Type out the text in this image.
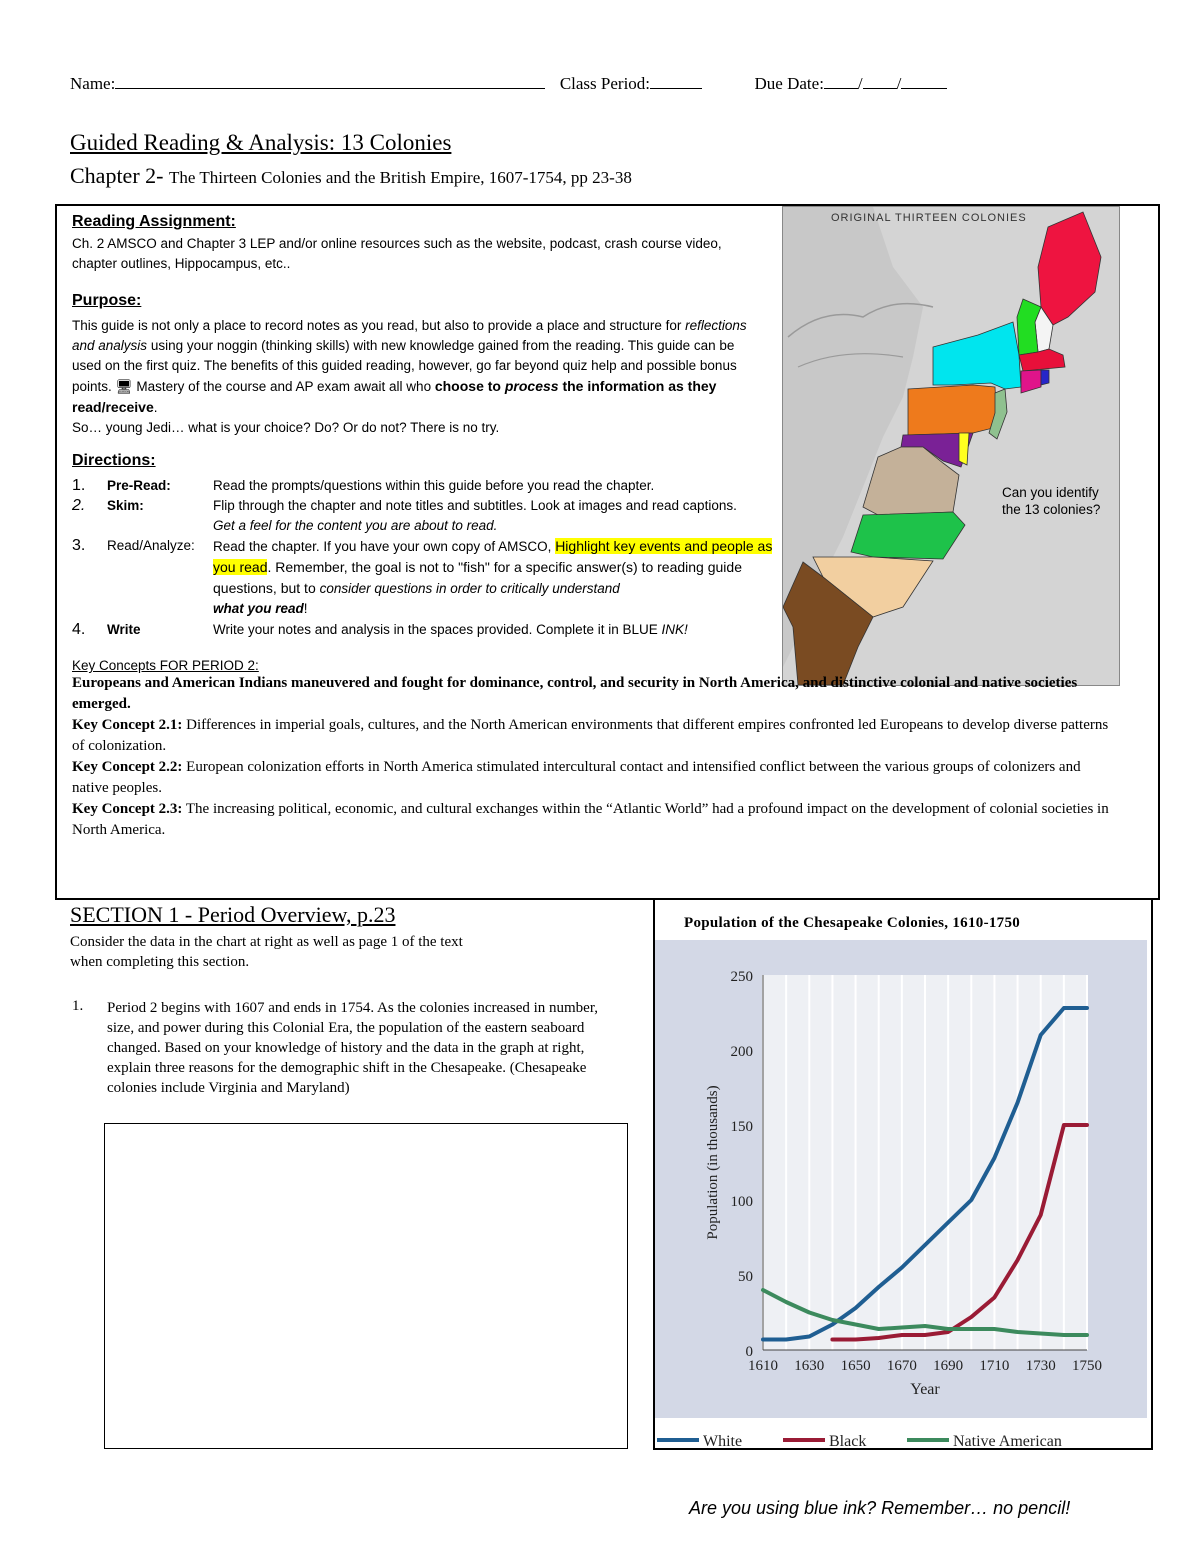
Name:	Class Period:	Due Date: / /
Guided Reading & Analysis: 13 Colonies
Chapter 2- The Thirteen Colonies and the British Empire, 1607-1754, pp 23-38
Reading Assignment:
Ch. 2 AMSCO and Chapter 3 LEP and/or online resources such as the website, podcast, crash course video, chapter outlines, Hippocampus, etc..
Purpose:
This guide is not only a place to record notes as you read, but also to provide a place and structure for reflections and analysis using your noggin (thinking skills) with new knowledge gained from the reading. This guide can be used on the first quiz. The benefits of this guided reading, however, go far beyond quiz help and possible bonus points. 🖥 Mastery of the course and AP exam await all who choose to process the information as they read/receive.
So… young Jedi… what is your choice? Do? Or do not? There is no try.
Directions:
1. Pre-Read:	Read the prompts/questions within this guide before you read the chapter.
2. Skim:	Flip through the chapter and note titles and subtitles. Look at images and read captions.
Get a feel for the content you are about to read.
3. Read/Analyze: Read the chapter. If you have your own copy of AMSCO, Highlight key events and people as you read. Remember, the goal is not to "fish" for a specific answer(s) to reading guide questions, but to consider questions in order to critically understand
what you read!
4. Write	Write your notes and analysis in the spaces provided. Complete it in BLUE INK!
ORIGINAL THIRTEEN COLONIES
Can you identify the 13 colonies?
Key Concepts FOR PERIOD 2:
Europeans and American Indians maneuvered and fought for dominance, control, and security in North America, and distinctive colonial and native societies emerged.
Key Concept 2.1: Differences in imperial goals, cultures, and the North American environments that different empires confronted led Europeans to develop diverse patterns of colonization.
Key Concept 2.2: European colonization efforts in North America stimulated intercultural contact and intensified conflict between the various groups of colonizers and native peoples.
Key Concept 2.3: The increasing political, economic, and cultural exchanges within the “Atlantic World” had a profound impact on the development of colonial societies in North America.
SECTION 1 - Period Overview, p.23
Consider the data in the chart at right as well as page 1 of the text when completing this section.
1. Period 2 begins with 1607 and ends in 1754. As the colonies increased in number, size, and power during this Colonial Era, the population of the eastern seaboard changed. Based on your knowledge of history and the data in the graph at right, explain three reasons for the demographic shift in the Chesapeake. (Chesapeake colonies include Virginia and Maryland)
Population of the Chesapeake Colonies, 1610-1750
0
50
100
150
200
250
1610 1630 1650 1670 1690 1710 1730 1750
Year
Population (in thousands)
White	Black	Native American
Are you using blue ink? Remember… no pencil!
